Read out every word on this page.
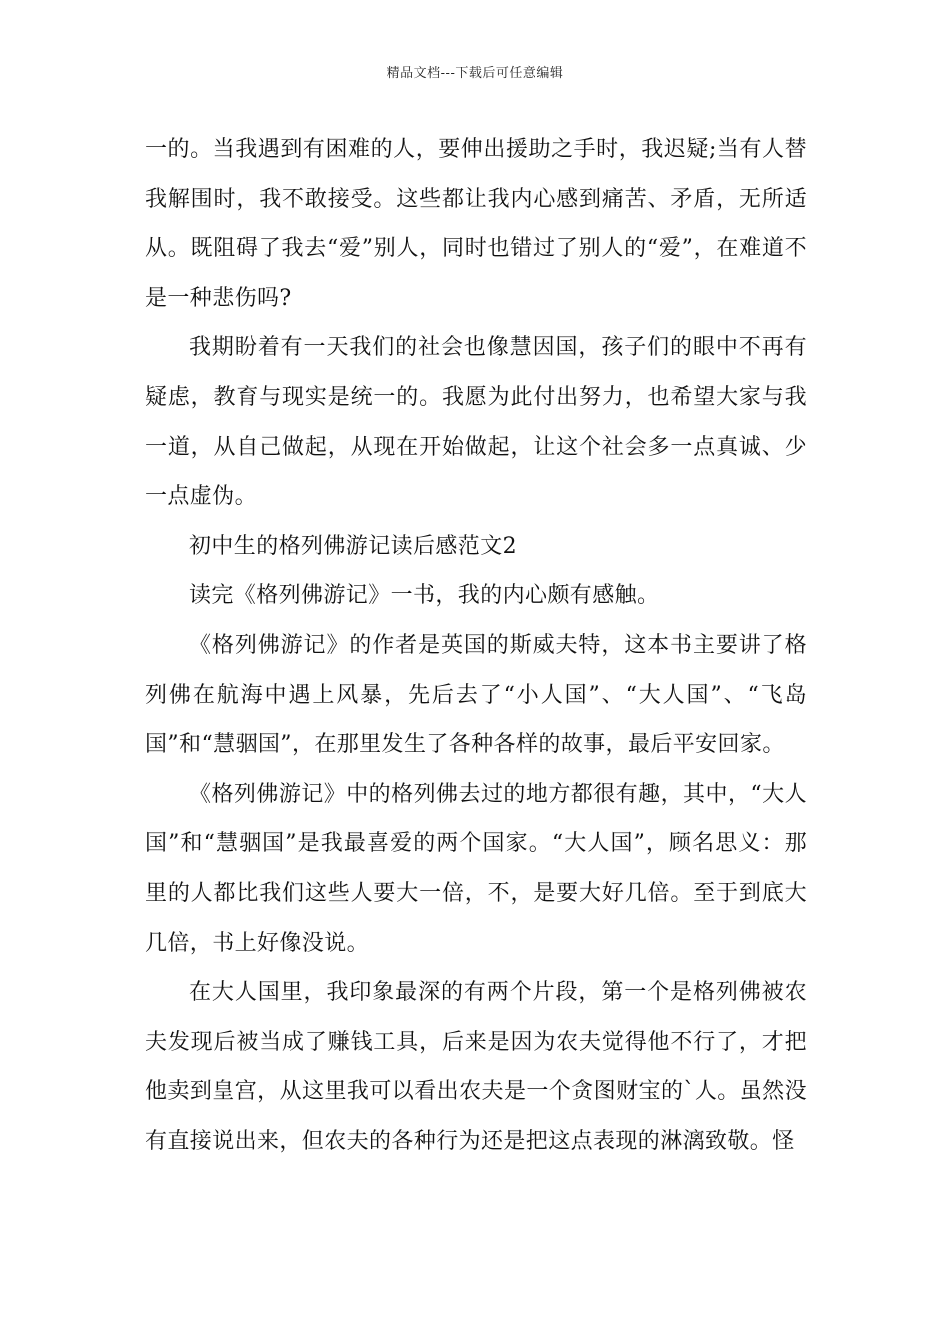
精品文档---下载后可任意编辑

一的。当我遇到有困难的人，要伸出援助之手时，我迟疑;当有人替我解围时，我不敢接受。这些都让我内心感到痛苦、矛盾，无所适从。既阻碍了我去“爱”别人，同时也错过了别人的“爱”，在难道不是一种悲伤吗?

我期盼着有一天我们的社会也像慧因国，孩子们的眼中不再有疑虑，教育与现实是统一的。我愿为此付出努力，也希望大家与我一道，从自己做起，从现在开始做起，让这个社会多一点真诚、少一点虚伪。

初中生的格列佛游记读后感范文2

读完《格列佛游记》一书，我的内心颇有感触。

《格列佛游记》的作者是英国的斯威夫特，这本书主要讲了格列佛在航海中遇上风暴，先后去了“小人国”、“大人国”、“飞岛国”和“慧骃国”，在那里发生了各种各样的故事，最后平安回家。

《格列佛游记》中的格列佛去过的地方都很有趣，其中，“大人国”和“慧骃国”是我最喜爱的两个国家。“大人国”，顾名思义：那里的人都比我们这些人要大一倍，不，是要大好几倍。至于到底大几倍，书上好像没说。

在大人国里，我印象最深的有两个片段，第一个是格列佛被农夫发现后被当成了赚钱工具，后来是因为农夫觉得他不行了，才把他卖到皇宫，从这里我可以看出农夫是一个贪图财宝的`人。虽然没有直接说出来，但农夫的各种行为还是把这点表现的淋漓致敬。怪
